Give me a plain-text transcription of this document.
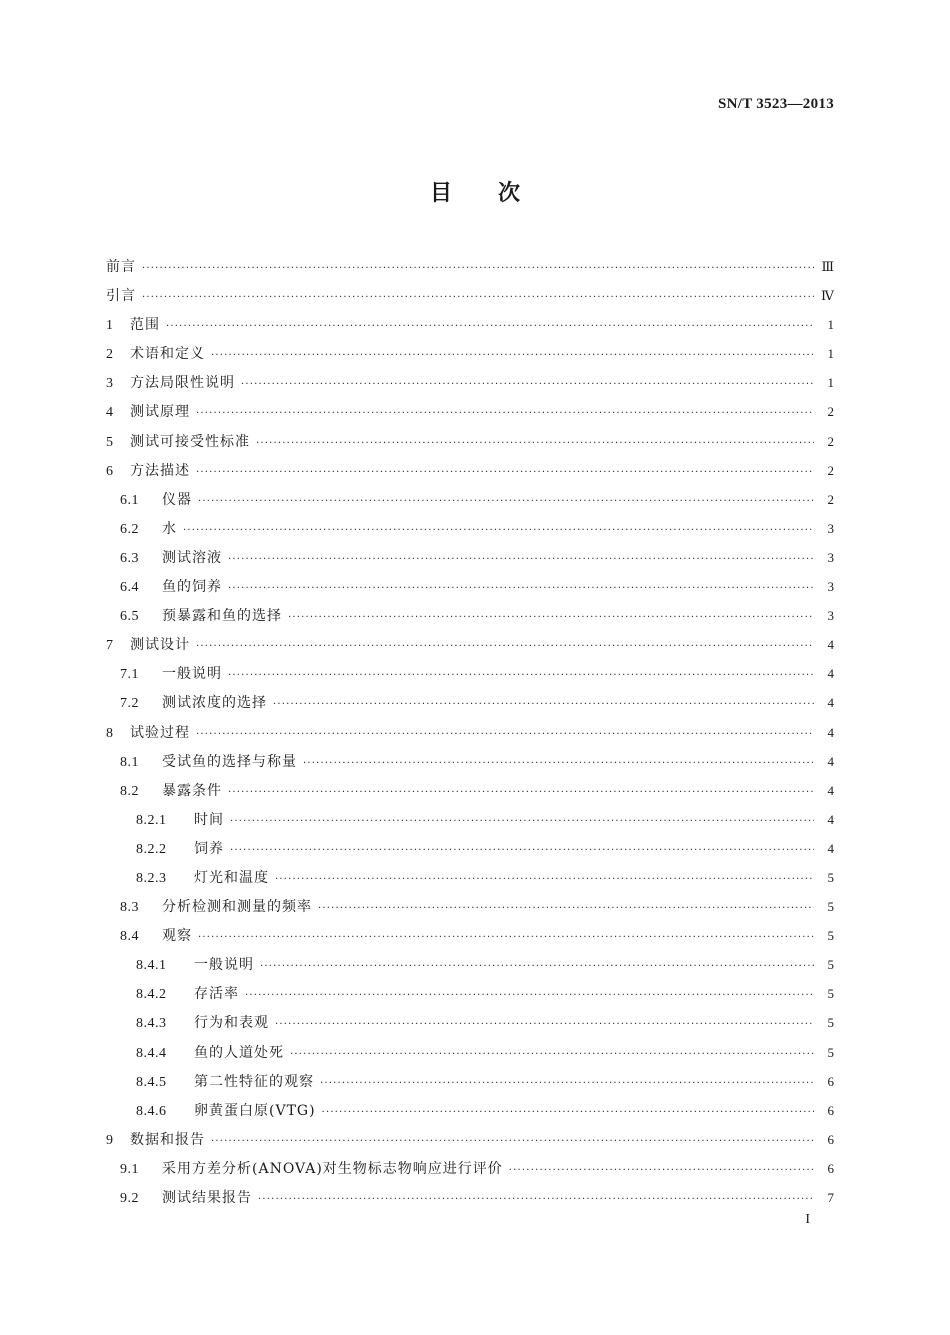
SN/T 3523—2013
目次
前言 ·····	Ⅲ
引言 ·····	Ⅳ
1	范围 ·····	1
2	术语和定义 ·····	1
3	方法局限性说明 ·····	1
4	测试原理 ·····	2
5	测试可接受性标准 ·····	2
6	方法描述 ·····	2
6.1	仪器 ·····	2
6.2	水 ·····	3
6.3	测试溶液 ·····	3
6.4	鱼的饲养 ·····	3
6.5	预暴露和鱼的选择 ·····	3
7	测试设计 ·····	4
7.1	一般说明 ·····	4
7.2	测试浓度的选择 ·····	4
8	试验过程 ·····	4
8.1	受试鱼的选择与称量 ·····	4
8.2	暴露条件 ·····	4
8.2.1	时间 ·····	4
8.2.2	饲养 ·····	4
8.2.3	灯光和温度 ·····	5
8.3	分析检测和测量的频率 ·····	5
8.4	观察 ·····	5
8.4.1	一般说明 ·····	5
8.4.2	存活率 ·····	5
8.4.3	行为和表观 ·····	5
8.4.4	鱼的人道处死 ·····	5
8.4.5	第二性特征的观察 ·····	6
8.4.6	卵黄蛋白原(VTG) ·····	6
9	数据和报告 ·····	6
9.1	采用方差分析(ANOVA)对生物标志物响应进行评价 ·····	6
9.2	测试结果报告 ·····	7
I
